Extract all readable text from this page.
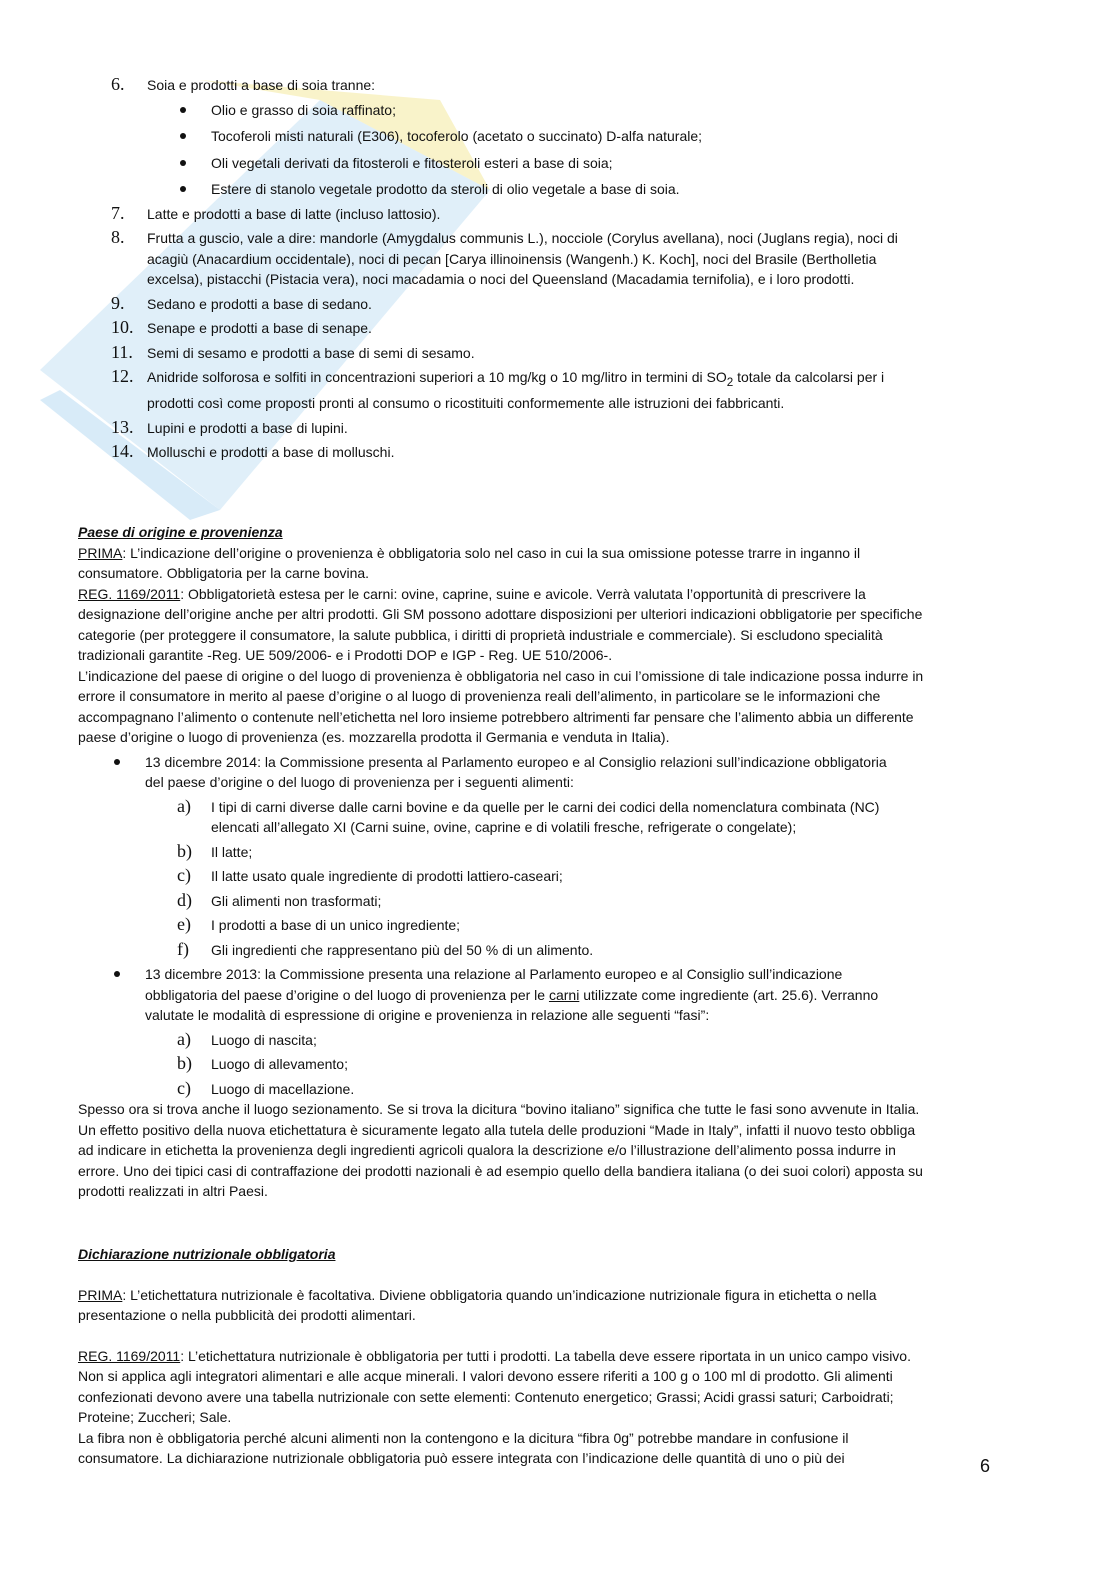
6.	Soia e prodotti a base di soia tranne:
Olio e grasso di soia raffinato;
Tocoferoli misti naturali (E306), tocoferolo (acetato o succinato) D-alfa naturale;
Oli vegetali derivati da fitosteroli e fitosteroli esteri a base di soia;
Estere di stanolo vegetale prodotto da steroli di olio vegetale a base di soia.
7.	Latte e prodotti a base di latte (incluso lattosio).
8.	Frutta a guscio, vale a dire: mandorle (Amygdalus communis L.), nocciole (Corylus avellana), noci (Juglans regia), noci di acagiù (Anacardium occidentale), noci di pecan [Carya illinoinensis (Wangenh.) K. Koch], noci del Brasile (Bertholletia excelsa), pistacchi (Pistacia vera), noci macadamia o noci del Queensland (Macadamia ternifolia), e i loro prodotti.
9.	Sedano e prodotti a base di sedano.
10. Senape e prodotti a base di senape.
11.	Semi di sesamo e prodotti a base di semi di sesamo.
12. Anidride solforosa e solfiti in concentrazioni superiori a 10 mg/kg o 10 mg/litro in termini di $SO_2$ totale da calcolarsi per i prodotti così come proposti pronti al consumo o ricostituiti conformemente alle istruzioni dei fabbricanti.
13. Lupini e prodotti a base di lupini.
14. Molluschi e prodotti a base di molluschi.

Paese di origine e provenienza

PRIMA: L’indicazione dell’origine o provenienza è obbligatoria solo nel caso in cui la sua omissione potesse trarre in inganno il consumatore. Obbligatoria per la carne bovina.

REG. 1169/2011: Obbligatorietà estesa per le carni: ovine, caprine, suine e avicole. Verrà valutata l’opportunità di prescrivere la designazione dell’origine anche per altri prodotti. Gli SM possono adottare disposizioni per ulteriori indicazioni obbligatorie per specifiche categorie (per proteggere il consumatore, la salute pubblica, i diritti di proprietà industriale e commerciale). Si escludono specialità tradizionali garantite -Reg. UE 509/2006- e i Prodotti DOP e IGP - Reg. UE 510/2006-.

L’indicazione del paese di origine o del luogo di provenienza è obbligatoria nel caso in cui l’omissione di tale indicazione possa indurre in errore il consumatore in merito al paese d’origine o al luogo di provenienza reali dell’alimento, in particolare se le informazioni che accompagnano l’alimento o contenute nell’etichetta nel loro insieme potrebbero altrimenti far pensare che l’alimento abbia un differente paese d’origine o luogo di provenienza (es. mozzarella prodotta il Germania e venduta in Italia).

13 dicembre 2014: la Commissione presenta al Parlamento europeo e al Consiglio relazioni sull’indicazione obbligatoria del paese d’origine o del luogo di provenienza per i seguenti alimenti:
a)	I tipi di carni diverse dalle carni bovine e da quelle per le carni dei codici della nomenclatura combinata (NC) elencati all’allegato XI (Carni suine, ovine, caprine e di volatili fresche, refrigerate o congelate);
b)	Il latte;
c)	Il latte usato quale ingrediente di prodotti lattiero-caseari;
d)	Gli alimenti non trasformati;
e)	I prodotti a base di un unico ingrediente;
f)	Gli ingredienti che rappresentano più del 50 % di un alimento.
13 dicembre 2013: la Commissione presenta una relazione al Parlamento europeo e al Consiglio sull’indicazione obbligatoria del paese d’origine o del luogo di provenienza per le carni utilizzate come ingrediente (art. 25.6). Verranno valutate le modalità di espressione di origine e provenienza in relazione alle seguenti “fasi”:
a)	Luogo di nascita;
b)	Luogo di allevamento;
c)	Luogo di macellazione.

Spesso ora si trova anche il luogo sezionamento. Se si trova la dicitura “bovino italiano” significa che tutte le fasi sono avvenute in Italia. Un effetto positivo della nuova etichettatura è sicuramente legato alla tutela delle produzioni “Made in Italy”, infatti il nuovo testo obbliga ad indicare in etichetta la provenienza degli ingredienti agricoli qualora la descrizione e/o l’illustrazione dell’alimento possa indurre in errore. Uno dei tipici casi di contraffazione dei prodotti nazionali è ad esempio quello della bandiera italiana (o dei suoi colori) apposta su prodotti realizzati in altri Paesi.

Dichiarazione nutrizionale obbligatoria

PRIMA: L’etichettatura nutrizionale è facoltativa. Diviene obbligatoria quando un’indicazione nutrizionale figura in etichetta o nella presentazione o nella pubblicità dei prodotti alimentari.

REG. 1169/2011: L’etichettatura nutrizionale è obbligatoria per tutti i prodotti. La tabella deve essere riportata in un unico campo visivo. Non si applica agli integratori alimentari e alle acque minerali. I valori devono essere riferiti a 100 g o 100 ml di prodotto. Gli alimenti confezionati devono avere una tabella nutrizionale con sette elementi: Contenuto energetico; Grassi; Acidi grassi saturi; Carboidrati; Proteine; Zuccheri; Sale.

La fibra non è obbligatoria perché alcuni alimenti non la contengono e la dicitura “fibra 0g” potrebbe mandare in confusione il consumatore. La dichiarazione nutrizionale obbligatoria può essere integrata con l’indicazione delle quantità di uno o più dei	6
